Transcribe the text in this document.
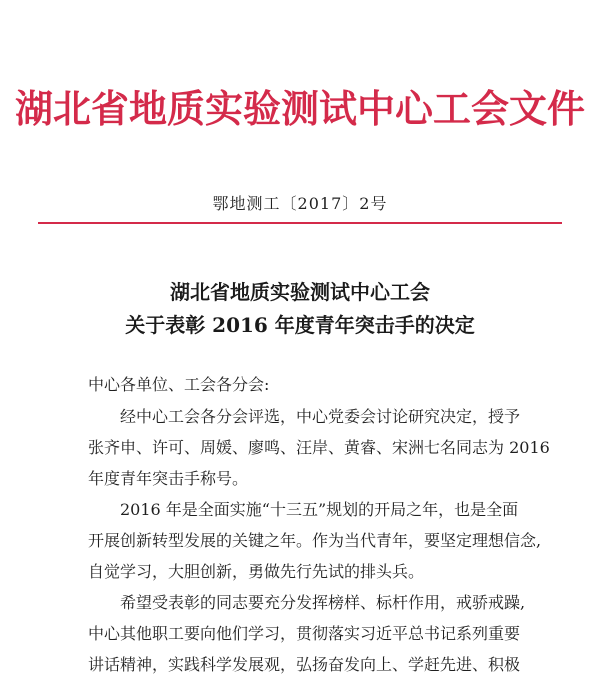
湖北省地质实验测试中心工会文件
鄂地测工〔2017〕2号
湖北省地质实验测试中心工会
关于表彰 2016 年度青年突击手的决定
中心各单位、工会各分会:
经中心工会各分会评选，中心党委会讨论研究决定，授予
张齐申、许可、周媛、廖鸣、汪岸、黄睿、宋洲七名同志为 2016
年度青年突击手称号。
2016 年是全面实施“十三五”规划的开局之年，也是全面
开展创新转型发展的关键之年。作为当代青年，要坚定理想信念,
自觉学习，大胆创新，勇做先行先试的排头兵。
希望受表彰的同志要充分发挥榜样、标杆作用，戒骄戒躁,
中心其他职工要向他们学习，贯彻落实习近平总书记系列重要
讲话精神，实践科学发展观，弘扬奋发向上、学赶先进、积极
